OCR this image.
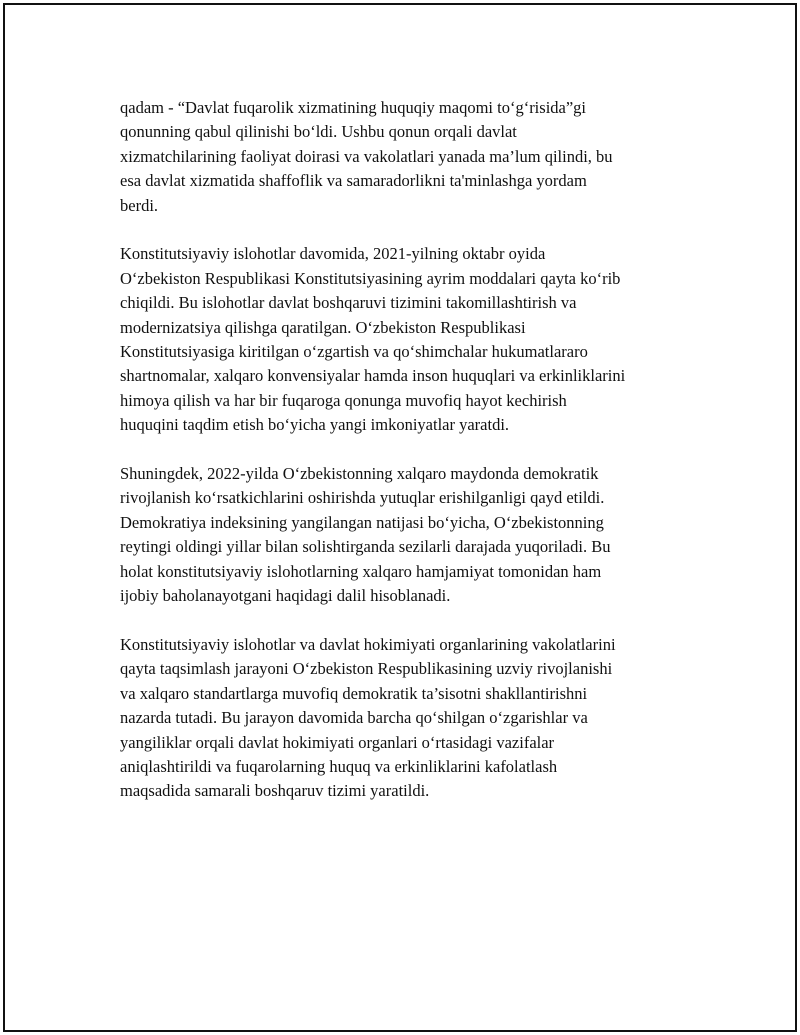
qadam - “Davlat fuqarolik xizmatining huquqiy maqomi to‘g‘risida”gi
qonunning qabul qilinishi bo‘ldi. Ushbu qonun orqali davlat
xizmatchilarining faoliyat doirasi va vakolatlari yanada ma’lum qilindi, bu
esa davlat xizmatida shaffoflik va samaradorlikni ta'minlashga yordam
berdi.

Konstitutsiyaviy islohotlar davomida, 2021-yilning oktabr oyida
O‘zbekiston Respublikasi Konstitutsiyasining ayrim moddalari qayta ko‘rib
chiqildi. Bu islohotlar davlat boshqaruvi tizimini takomillashtirish va
modernizatsiya qilishga qaratilgan. O‘zbekiston Respublikasi
Konstitutsiyasiga kiritilgan o‘zgartish va qo‘shimchalar hukumatlararo
shartnomalar, xalqaro konvensiyalar hamda inson huquqlari va erkinliklarini
himoya qilish va har bir fuqaroga qonunga muvofiq hayot kechirish
huquqini taqdim etish bo‘yicha yangi imkoniyatlar yaratdi.

Shuningdek, 2022-yilda O‘zbekistonning xalqaro maydonda demokratik
rivojlanish ko‘rsatkichlarini oshirishda yutuqlar erishilganligi qayd etildi.
Demokratiya indeksining yangilangan natijasi bo‘yicha, O‘zbekistonning
reytingi oldingi yillar bilan solishtirganda sezilarli darajada yuqoriladi. Bu
holat konstitutsiyaviy islohotlarning xalqaro hamjamiyat tomonidan ham
ijobiy baholanayotgani haqidagi dalil hisoblanadi.

Konstitutsiyaviy islohotlar va davlat hokimiyati organlarining vakolatlarini
qayta taqsimlash jarayoni O‘zbekiston Respublikasining uzviy rivojlanishi
va xalqaro standartlarga muvofiq demokratik ta’sisotni shakllantirishni
nazarda tutadi. Bu jarayon davomida barcha qo‘shilgan o‘zgarishlar va
yangiliklar orqali davlat hokimiyati organlari o‘rtasidagi vazifalar
aniqlashtirildi va fuqarolarning huquq va erkinliklarini kafolatlash
maqsadida samarali boshqaruv tizimi yaratildi.
